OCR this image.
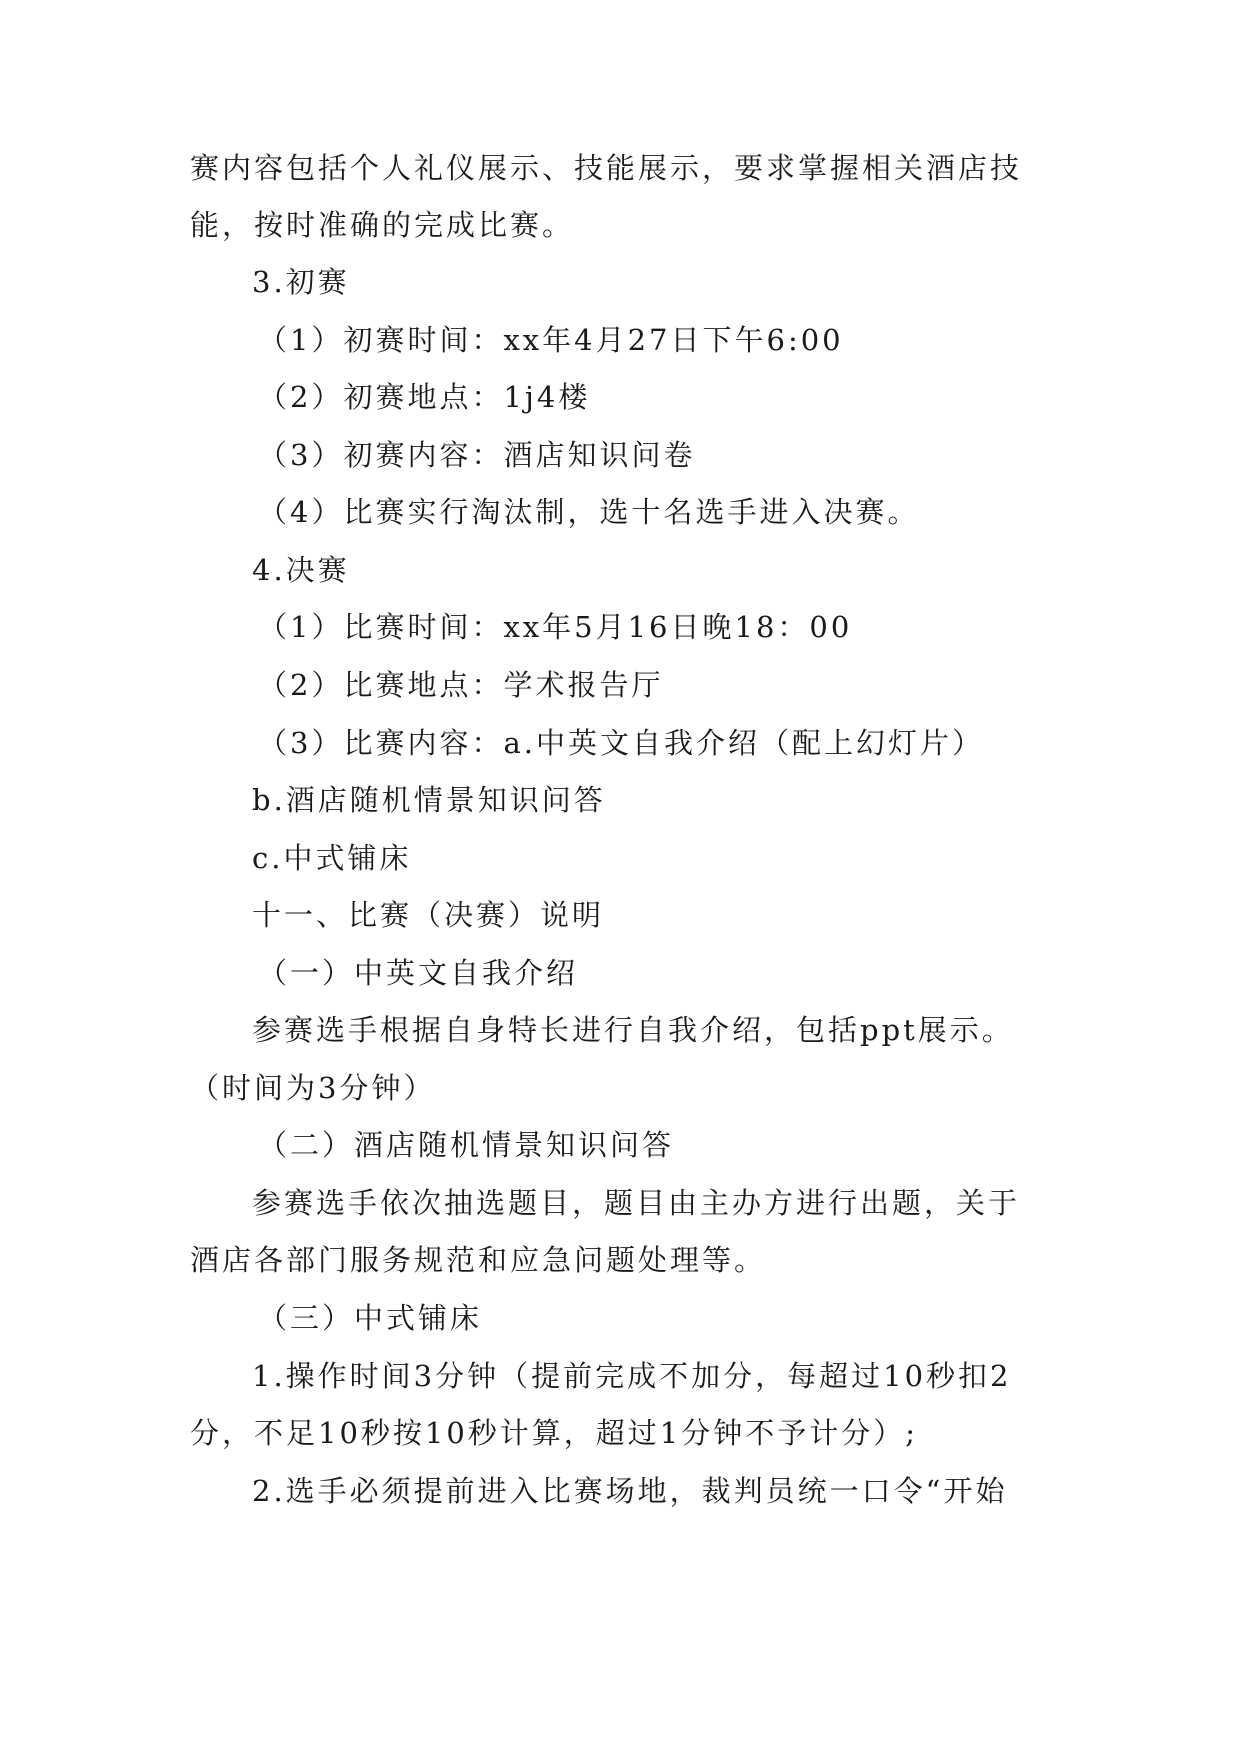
赛内容包括个人礼仪展示、技能展示，要求掌握相关酒店技
能，按时准确的完成比赛。
3.初赛
（1）初赛时间：xx年4月27日下午6:00
（2）初赛地点：1j4楼
（3）初赛内容：酒店知识问卷
（4）比赛实行淘汰制，选十名选手进入决赛。
4.决赛
（1）比赛时间：xx年5月16日晚18：00
（2）比赛地点：学术报告厅
（3）比赛内容：a.中英文自我介绍（配上幻灯片）
b.酒店随机情景知识问答
c.中式铺床
十一、比赛（决赛）说明
（一）中英文自我介绍
参赛选手根据自身特长进行自我介绍，包括ppt展示。
（时间为3分钟）
（二）酒店随机情景知识问答
参赛选手依次抽选题目，题目由主办方进行出题，关于
酒店各部门服务规范和应急问题处理等。
（三）中式铺床
1.操作时间3分钟（提前完成不加分，每超过10秒扣2
分，不足10秒按10秒计算，超过1分钟不予计分）;
2.选手必须提前进入比赛场地，裁判员统一口令“开始
